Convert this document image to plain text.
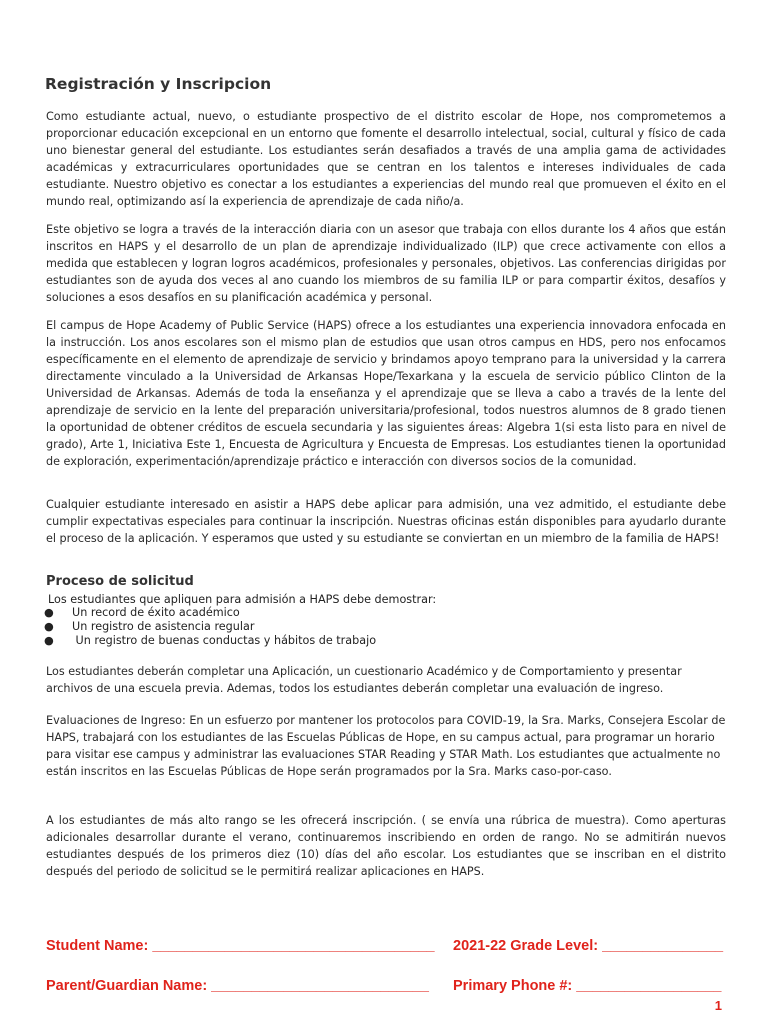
Registración y Inscripcion
Como estudiante actual, nuevo, o estudiante prospectivo de el distrito escolar de Hope, nos comprometemos a proporcionar educación excepcional en un entorno que fomente el desarrollo intelectual, social, cultural y físico de cada uno bienestar general del estudiante. Los estudiantes serán desafiados a través de una amplia gama de actividades académicas y extracurriculares oportunidades que se centran en los talentos e intereses individuales de cada estudiante. Nuestro objetivo es conectar a los estudiantes a experiencias del mundo real que promueven el éxito en el mundo real, optimizando así la experiencia de aprendizaje de cada niño/a.
Este objetivo se logra a través de la interacción diaria con un asesor que trabaja con ellos durante los 4 años que están inscritos en HAPS y el desarrollo de un plan de aprendizaje individualizado (ILP) que crece activamente con ellos a medida que establecen y logran logros académicos, profesionales y personales, objetivos. Las conferencias dirigidas por estudiantes son de ayuda dos veces al ano cuando los miembros de su familia ILP or para compartir éxitos, desafíos y soluciones a esos desafíos en su planificación académica y personal.
El campus de Hope Academy of Public Service (HAPS) ofrece a los estudiantes una experiencia innovadora enfocada en la instrucción. Los anos escolares son el mismo plan de estudios que usan otros campus en HDS, pero nos enfocamos específicamente en el elemento de aprendizaje de servicio y brindamos apoyo temprano para la universidad y la carrera directamente vinculado a la Universidad de Arkansas Hope/Texarkana y la escuela de servicio público Clinton de la Universidad de Arkansas. Además de toda la enseñanza y el aprendizaje que se lleva a cabo a través de la lente del aprendizaje de servicio en la lente del preparación universitaria/profesional, todos nuestros alumnos de 8 grado tienen la oportunidad de obtener créditos de escuela secundaria y las siguientes áreas: Algebra 1(si esta listo para en nivel de grado), Arte 1, Iniciativa Este 1, Encuesta de Agricultura y Encuesta de Empresas. Los estudiantes tienen la oportunidad de exploración, experimentación/aprendizaje práctico e interacción con diversos socios de la comunidad.
Cualquier estudiante interesado en asistir a HAPS debe aplicar para admisión, una vez admitido, el estudiante debe cumplir expectativas especiales para continuar la inscripción. Nuestras oficinas están disponibles para ayudarlo durante el proceso de la aplicación. Y esperamos que usted y su estudiante se conviertan en un miembro de la familia de HAPS!
Proceso de solicitud
Los estudiantes que apliquen para admisión a HAPS debe demostrar:
● Un record de éxito académico
● Un registro de asistencia regular
● Un registro de buenas conductas y hábitos de trabajo
Los estudiantes deberán completar una Aplicación, un cuestionario Académico y de Comportamiento y presentar archivos de una escuela previa. Ademas, todos los estudiantes deberán completar una evaluación de ingreso.
Evaluaciones de Ingreso: En un esfuerzo por mantener los protocolos para COVID-19, la Sra. Marks, Consejera Escolar de HAPS, trabajará con los estudiantes de las Escuelas Públicas de Hope, en su campus actual, para programar un horario para visitar ese campus y administrar las evaluaciones STAR Reading y STAR Math. Los estudiantes que actualmente no están inscritos en las Escuelas Públicas de Hope serán programados por la Sra. Marks caso-por-caso.
A los estudiantes de más alto rango se les ofrecerá inscripción. ( se envía una rúbrica de muestra). Como aperturas adicionales desarrollar durante el verano, continuaremos inscribiendo en orden de rango. No se admitirán nuevos estudiantes después de los primeros diez (10) días del año escolar. Los estudiantes que se inscriban en el distrito después del periodo de solicitud se le permitirá realizar aplicaciones en HAPS.
Student Name: ___________________________________ 2021-22 Grade Level: _______________
Parent/Guardian Name: ___________________________ Primary Phone #: __________________
1
